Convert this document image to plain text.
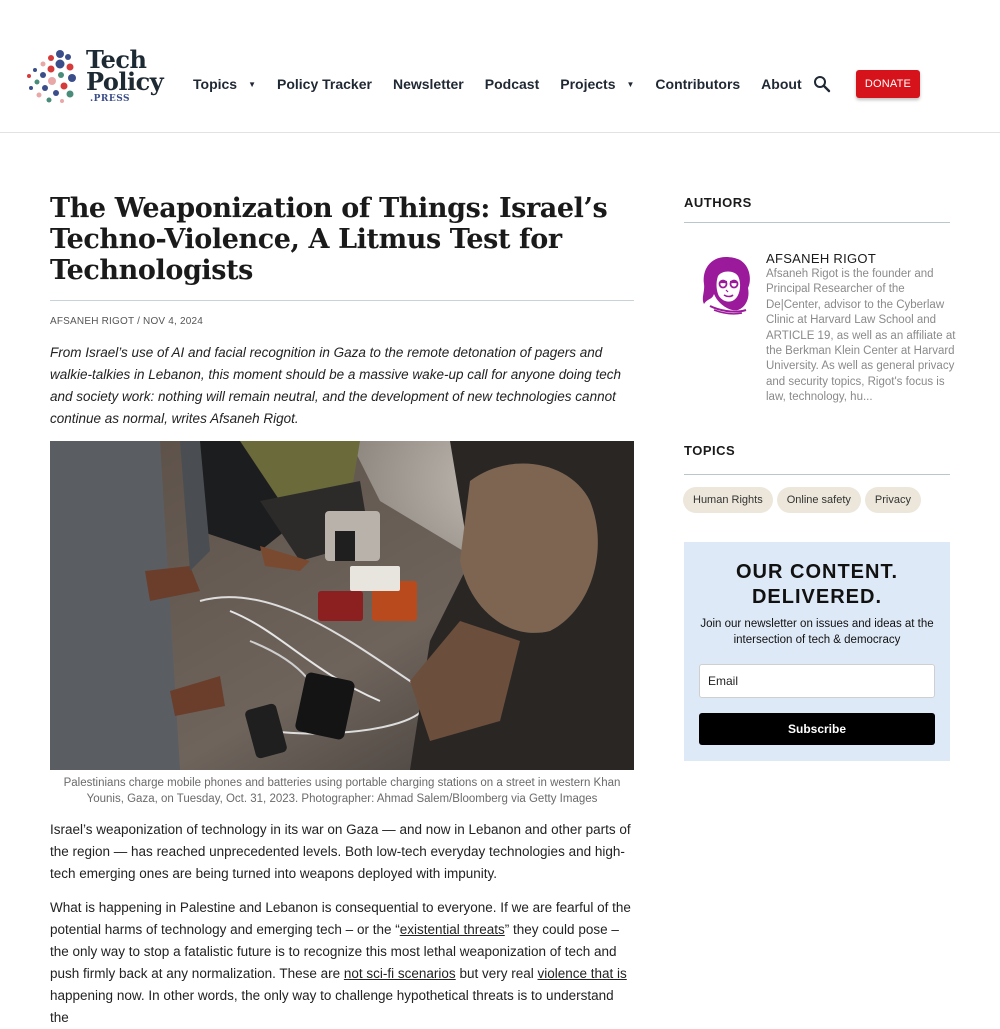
Tech
Policy
.PRESS
Topics ▼ Policy Tracker Newsletter Podcast Projects ▼ Contributors About	DONATE
The Weaponization of Things: Israel’s Techno-Violence, A Litmus Test for Technologists
AFSANEH RIGOT / NOV 4, 2024

From Israel’s use of AI and facial recognition in Gaza to the remote detonation of pagers and walkie-talkies in Lebanon, this moment should be a massive wake-up call for anyone doing tech and society work: nothing will remain neutral, and the development of new technologies cannot continue as normal, writes Afsaneh Rigot.

Palestinians charge mobile phones and batteries using portable charging stations on a street in western Khan Younis, Gaza, on Tuesday, Oct. 31, 2023. Photographer: Ahmad Salem/Bloomberg via Getty Images

Israel’s weaponization of technology in its war on Gaza — and now in Lebanon and other parts of the region — has reached unprecedented levels. Both low-tech everyday technologies and high-tech emerging ones are being turned into weapons deployed with impunity.

What is happening in Palestine and Lebanon is consequential to everyone. If we are fearful of the potential harms of technology and emerging tech – or the “existential threats” they could pose – the only way to stop a fatalistic future is to recognize this most lethal weaponization of tech and push firmly back at any normalization. These are not sci-fi scenarios but very real violence that is happening now. In other words, the only way to challenge hypothetical threats is to understand the

AUTHORS
AFSANEH RIGOT

Afsaneh Rigot is the founder and Principal Researcher of the De|Center, advisor to the Cyberlaw Clinic at Harvard Law School and ARTICLE 19, as well as an affiliate at the Berkman Klein Center at Harvard University. As well as general privacy and security topics, Rigot's focus is law, technology, hu...

TOPICS
Human Rights	Online safety	Privacy
OUR CONTENT.
DELIVERED.

Join our newsletter on issues and ideas at the intersection of tech & democracy

Email
Subscribe
